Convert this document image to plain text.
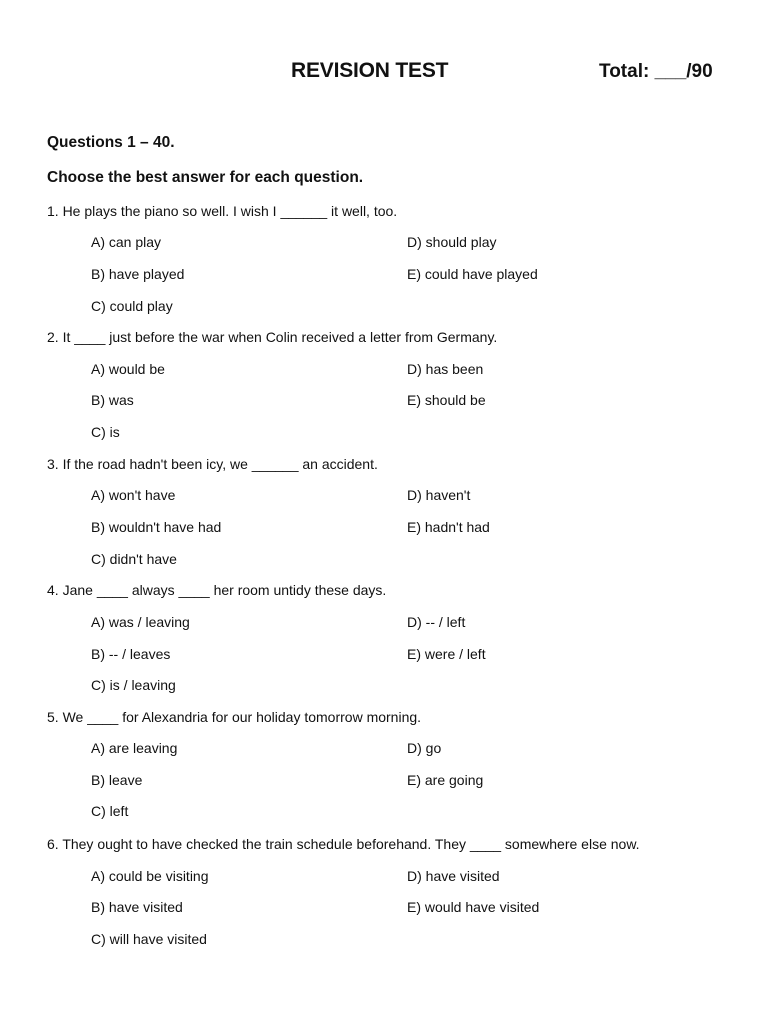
REVISION TEST	Total: ___/90
Questions 1 – 40.
Choose the best answer for each question.
1. He plays the piano so well. I wish I ______ it well, too.
A) can play	D) should play
B) have played	E) could have played
C) could play
2. It ____ just before the war when Colin received a letter from Germany.
A) would be	D) has been
B) was	E) should be
C) is
3. If the road hadn't been icy, we ______ an accident.
A) won't have	D) haven't
B) wouldn't have had	E) hadn't had
C) didn't have
4. Jane ____ always ____ her room untidy these days.
A) was / leaving	D) -- / left
B) -- / leaves	E) were / left
C) is / leaving
5. We ____ for Alexandria for our holiday tomorrow morning.
A) are leaving	D) go
B) leave	E) are going
C) left
6. They ought to have checked the train schedule beforehand. They ____ somewhere else now.
A) could be visiting	D) have visited
B) have visited	E) would have visited
C) will have visited
